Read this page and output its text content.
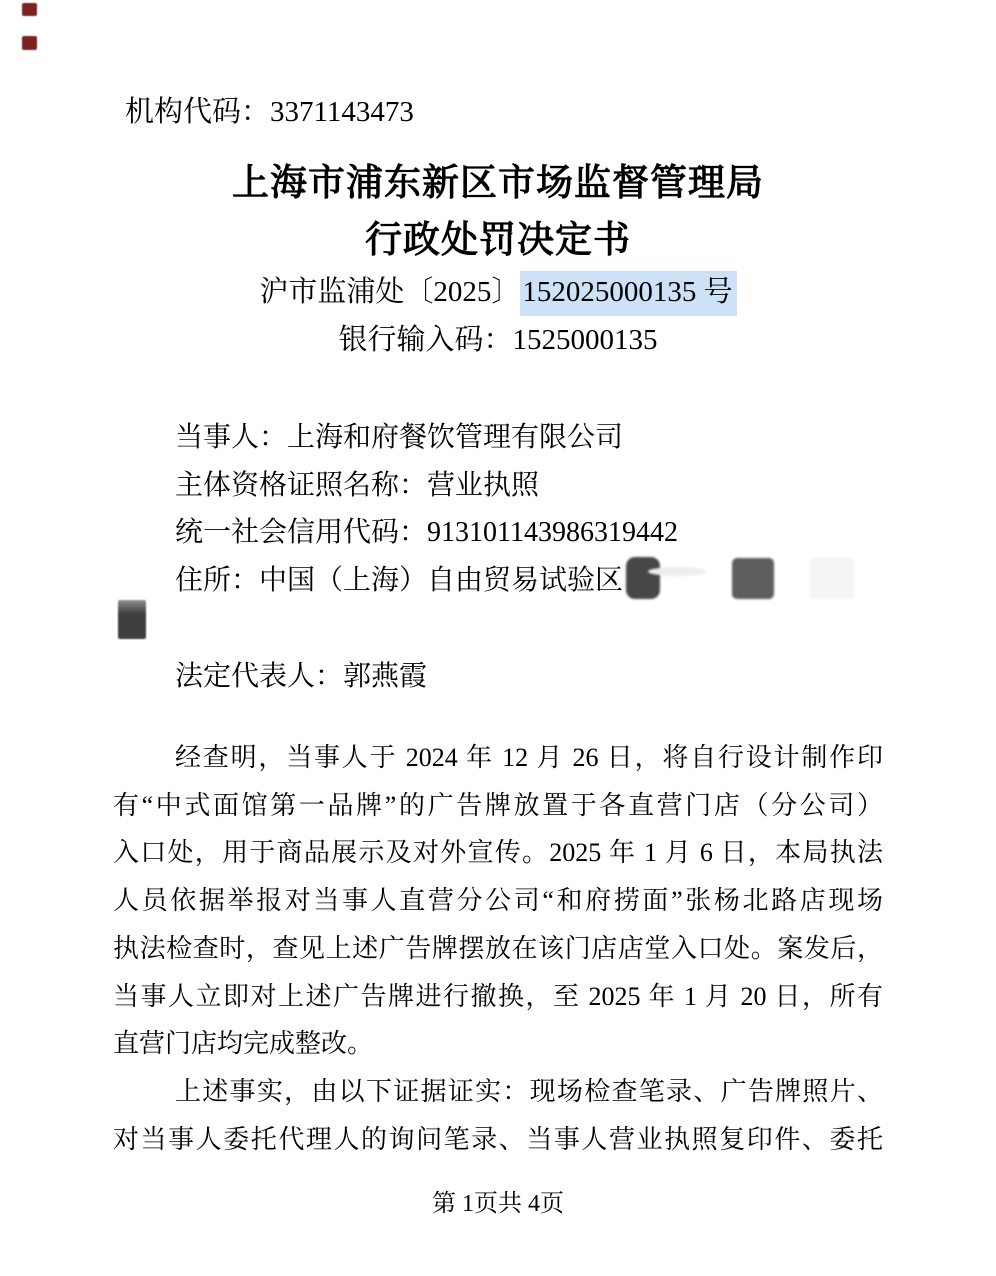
机构代码：3371143473
上海市浦东新区市场监督管理局
行政处罚决定书
沪市监浦处〔2025〕152025000135 号
银行输入码：1525000135
当事人：上海和府餐饮管理有限公司
主体资格证照名称：营业执照
统一社会信用代码：913101143986319442
住所：中国（上海）自由贸易试验区
法定代表人：郭燕霞
经查明，当事人于 2024 年 12 月 26 日，将自行设计制作印
有“中式面馆第一品牌”的广告牌放置于各直营门店（分公司）
入口处，用于商品展示及对外宣传。2025 年 1 月 6 日，本局执法
人员依据举报对当事人直营分公司“和府捞面”张杨北路店现场
执法检查时，查见上述广告牌摆放在该门店店堂入口处。案发后，
当事人立即对上述广告牌进行撤换，至 2025 年 1 月 20 日，所有
直营门店均完成整改。
上述事实，由以下证据证实：现场检查笔录、广告牌照片、
对当事人委托代理人的询问笔录、当事人营业执照复印件、委托
第 1页共 4页
